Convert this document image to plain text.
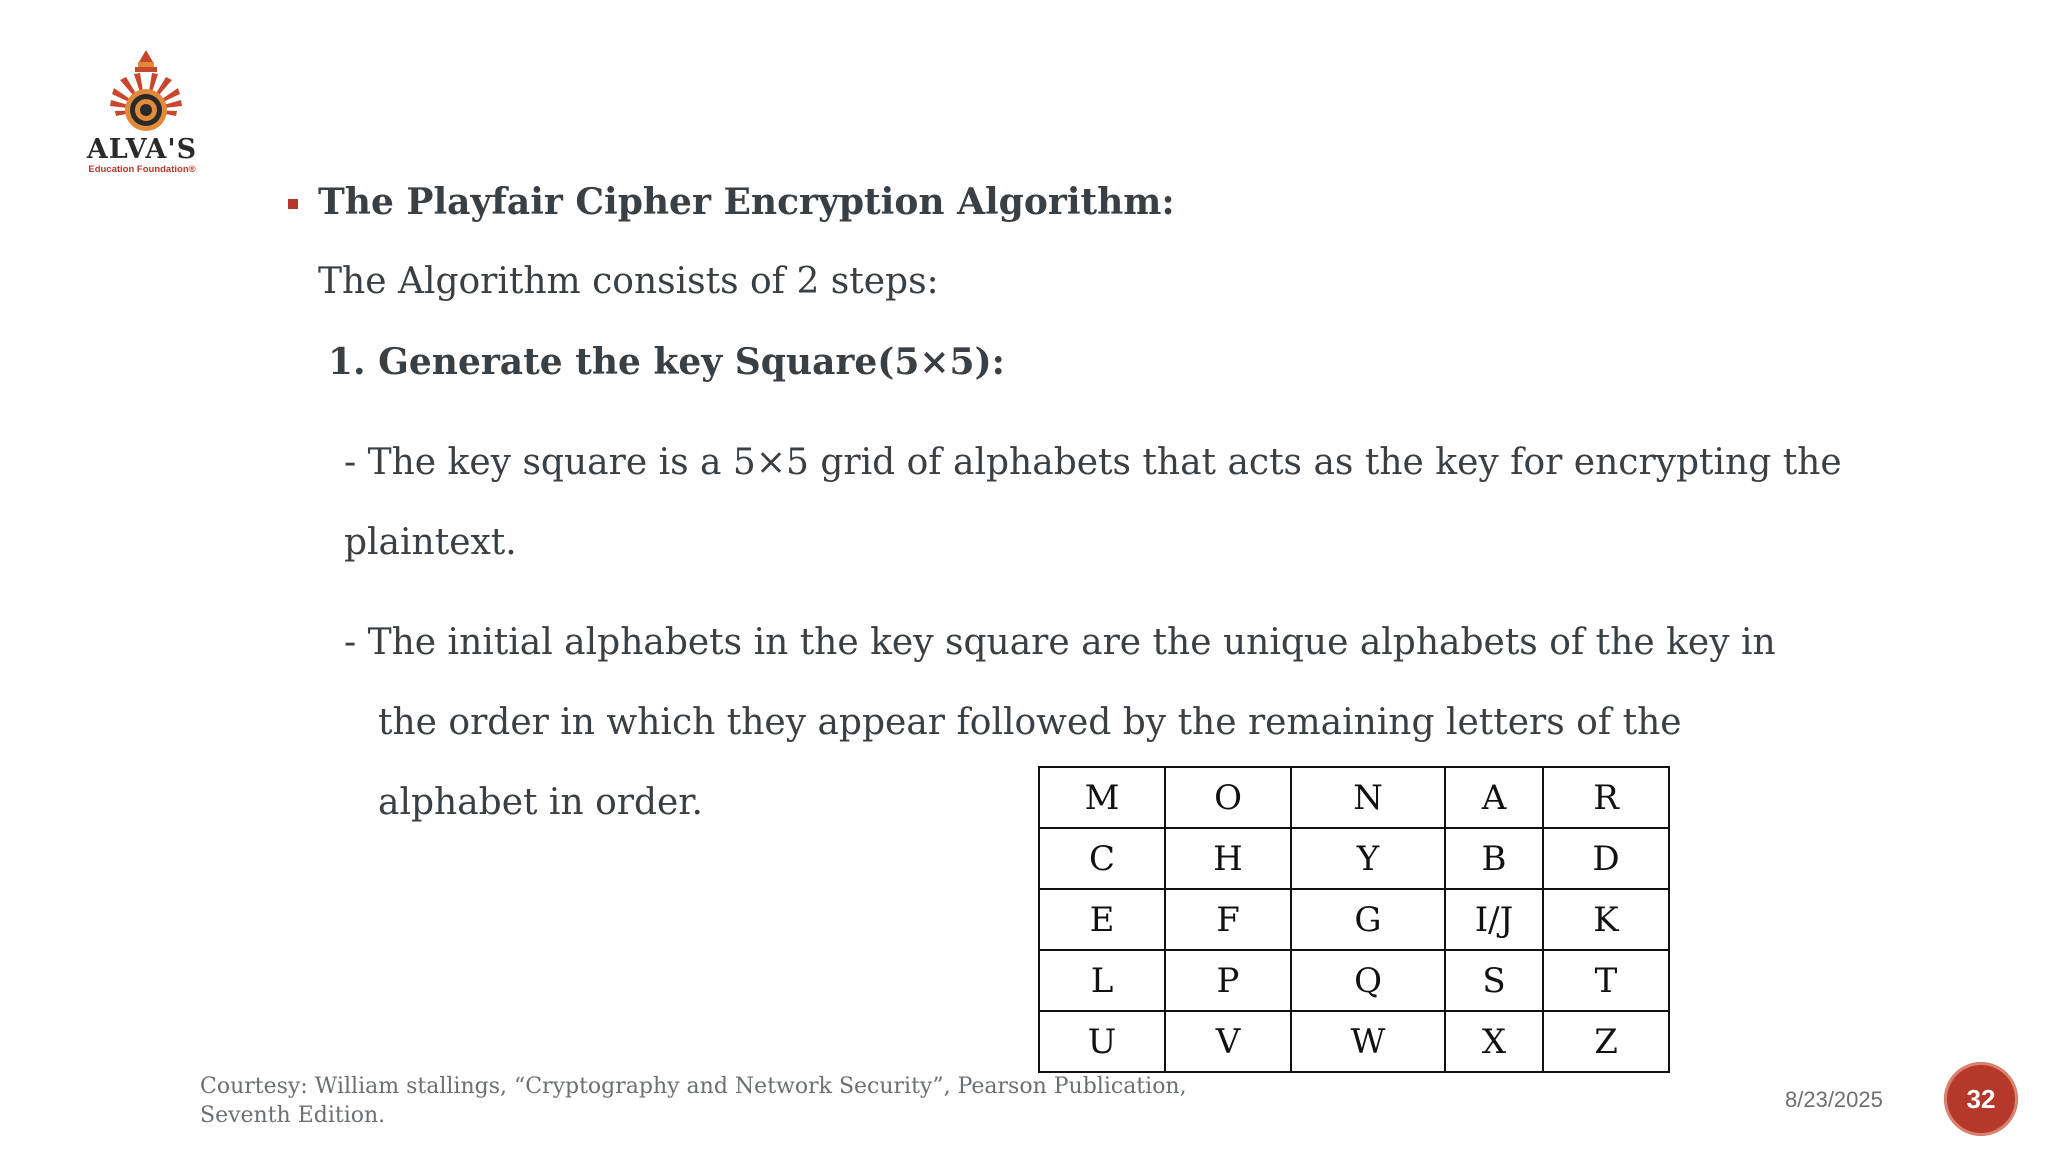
ALVA'S
Education Foundation®
The Playfair Cipher Encryption Algorithm:
The Algorithm consists of 2 steps:
1. Generate the key Square(5×5):
- The key square is a 5×5 grid of alphabets that acts as the key for encrypting the
plaintext.
- The initial alphabets in the key square are the unique alphabets of the key in
the order in which they appear followed by the remaining letters of the
alphabet in order.	M	O	N	A	R
C	H	Y	B	D
E	F	G	I/J	K
L	P	Q	S	T
U	V	W	X	Z
Courtesy: William stallings, “Cryptography and Network Security”, Pearson Publication,
Seventh Edition.
8/23/2025	32
